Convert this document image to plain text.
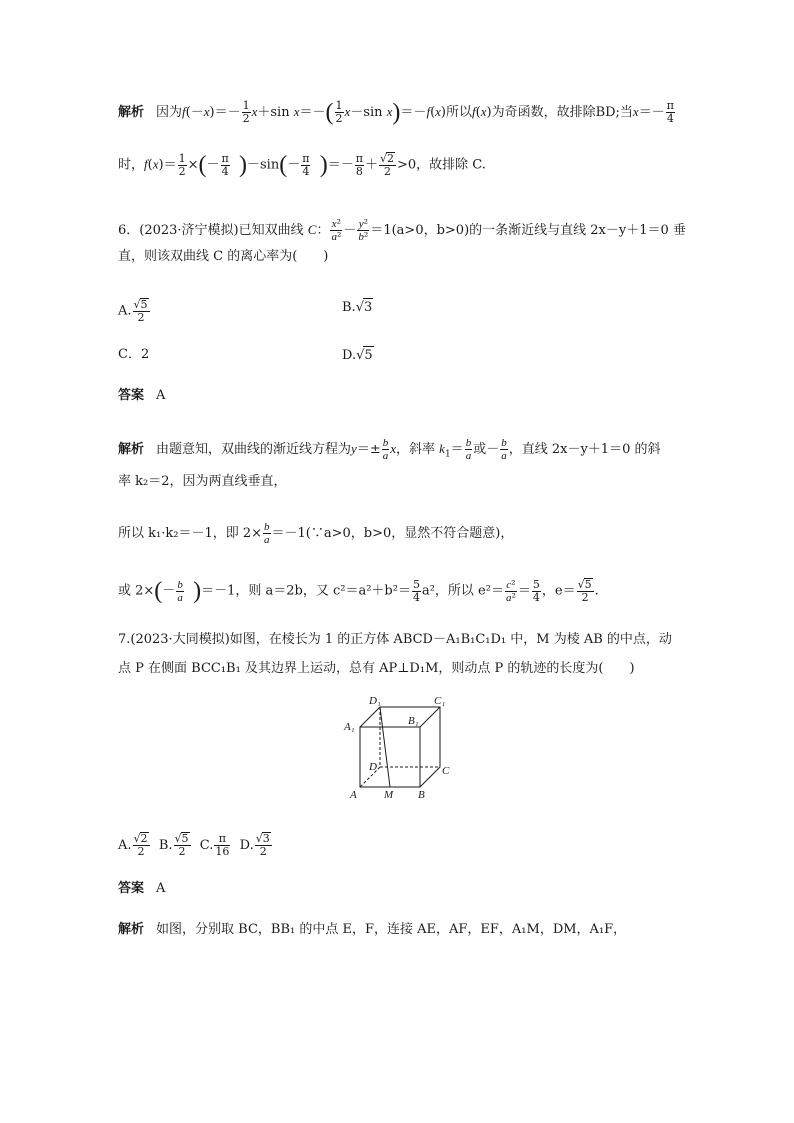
解析 因为$f(-x)=- \frac{1}{2} x+\sin$ $x=-( \frac{1}{2} x-\sin$ x)＝－f(x)所以f(x)为奇函数，故排除BD;当$x=- \frac{\pi}{4}$
时，$f(x)= \frac{1}{2}$ ×(－ $\frac{\pi}{4} )-\sin(- \frac{\pi}{4}$ )＝－ $\frac{\pi}{8} + \frac{√2}{2} >0$，故排除 C.
6．(2023·济宁模拟)已知双曲线 C： $\frac{\text{x²}}{\text{a²}} - \frac{\text{y²}}{\text{b²}} =1(a>0$，b>0)的一条渐近线与直线 2x－y＋1＝0 垂
直，则该双曲线 C 的离心率为(　　)
A. $\frac{√5}{2}$	B.√3
C．2	D.√5
答案 A
解析 由题意知，双曲线的渐近线方程为$y=\pm \frac{b}{a}$ x，斜率 $k_1= \frac{b}{a}$ 或－ $\frac{b}{a}$ ，直线 2x－y＋1＝0 的斜
率 k₂＝2，因为两直线垂直，
所以 k₁·k₂＝－1，即 $2\times \frac{b}{a}$ ＝－1(∵a>0，b>0，显然不符合题意)，
或 $2\times(- \frac{b}{a} )=-1$，则 a＝2b，又 $c^2=a^2+b^2= \frac{5}{4} a^2$，所以 $e^2= \frac{\text{c²}}{\text{a²}} = \frac{5}{4}$ ，$e= \frac{√5}{2}$ .
7.(2023·大同模拟)如图，在棱长为 1 的正方体 ABCD－A₁B₁C₁D₁ 中，M 为棱 AB 的中点，动
点 P 在侧面 BCC₁B₁ 及其边界上运动，总有 AP⊥D₁M，则动点 P 的轨迹的长度为(　　)
D₁	C₁
A₁	B₁
D	C
A M B
A. $\frac{√2}{2} B$. $\frac{√5}{2} C$. $\frac{\pi}{16} D$. $\frac{√3}{2}$
答案 A
解析 如图，分别取 BC，BB₁ 的中点 E，F，连接 AE，AF，EF，A₁M，DM，A₁F，
